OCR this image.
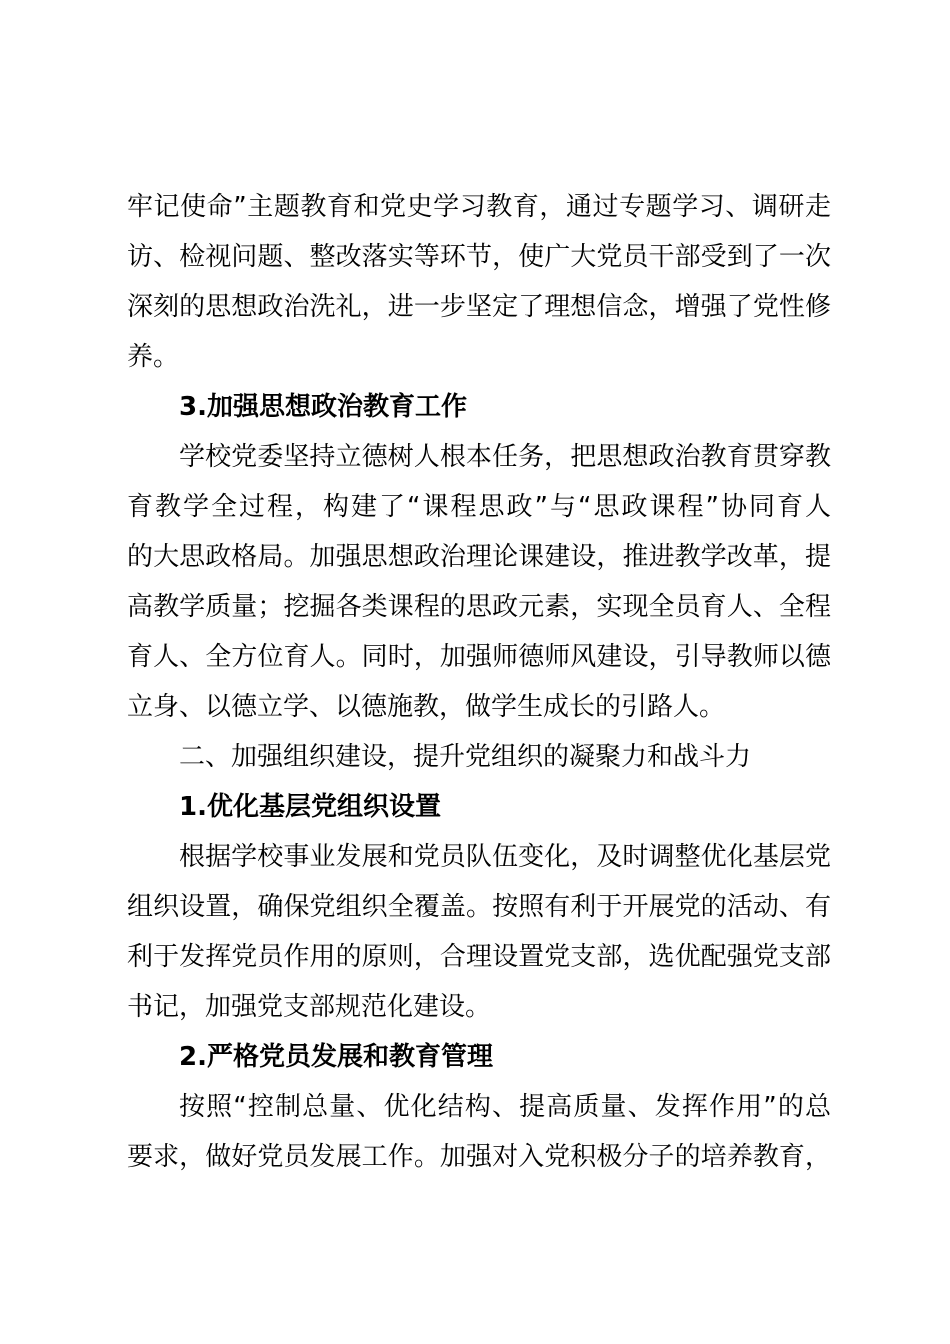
牢记使命”主题教育和党史学习教育，通过专题学习、调研走
访、检视问题、整改落实等环节，使广大党员干部受到了一次
深刻的思想政治洗礼，进一步坚定了理想信念，增强了党性修
养。
3.加强思想政治教育工作
学校党委坚持立德树人根本任务，把思想政治教育贯穿教
育教学全过程，构建了“课程思政”与“思政课程”协同育人
的大思政格局。加强思想政治理论课建设，推进教学改革，提
高教学质量；挖掘各类课程的思政元素，实现全员育人、全程
育人、全方位育人。同时，加强师德师风建设，引导教师以德
立身、以德立学、以德施教，做学生成长的引路人。
二、加强组织建设，提升党组织的凝聚力和战斗力
1.优化基层党组织设置
根据学校事业发展和党员队伍变化，及时调整优化基层党
组织设置，确保党组织全覆盖。按照有利于开展党的活动、有
利于发挥党员作用的原则，合理设置党支部，选优配强党支部
书记，加强党支部规范化建设。
2.严格党员发展和教育管理
按照“控制总量、优化结构、提高质量、发挥作用”的总
要求，做好党员发展工作。加强对入党积极分子的培养教育，
